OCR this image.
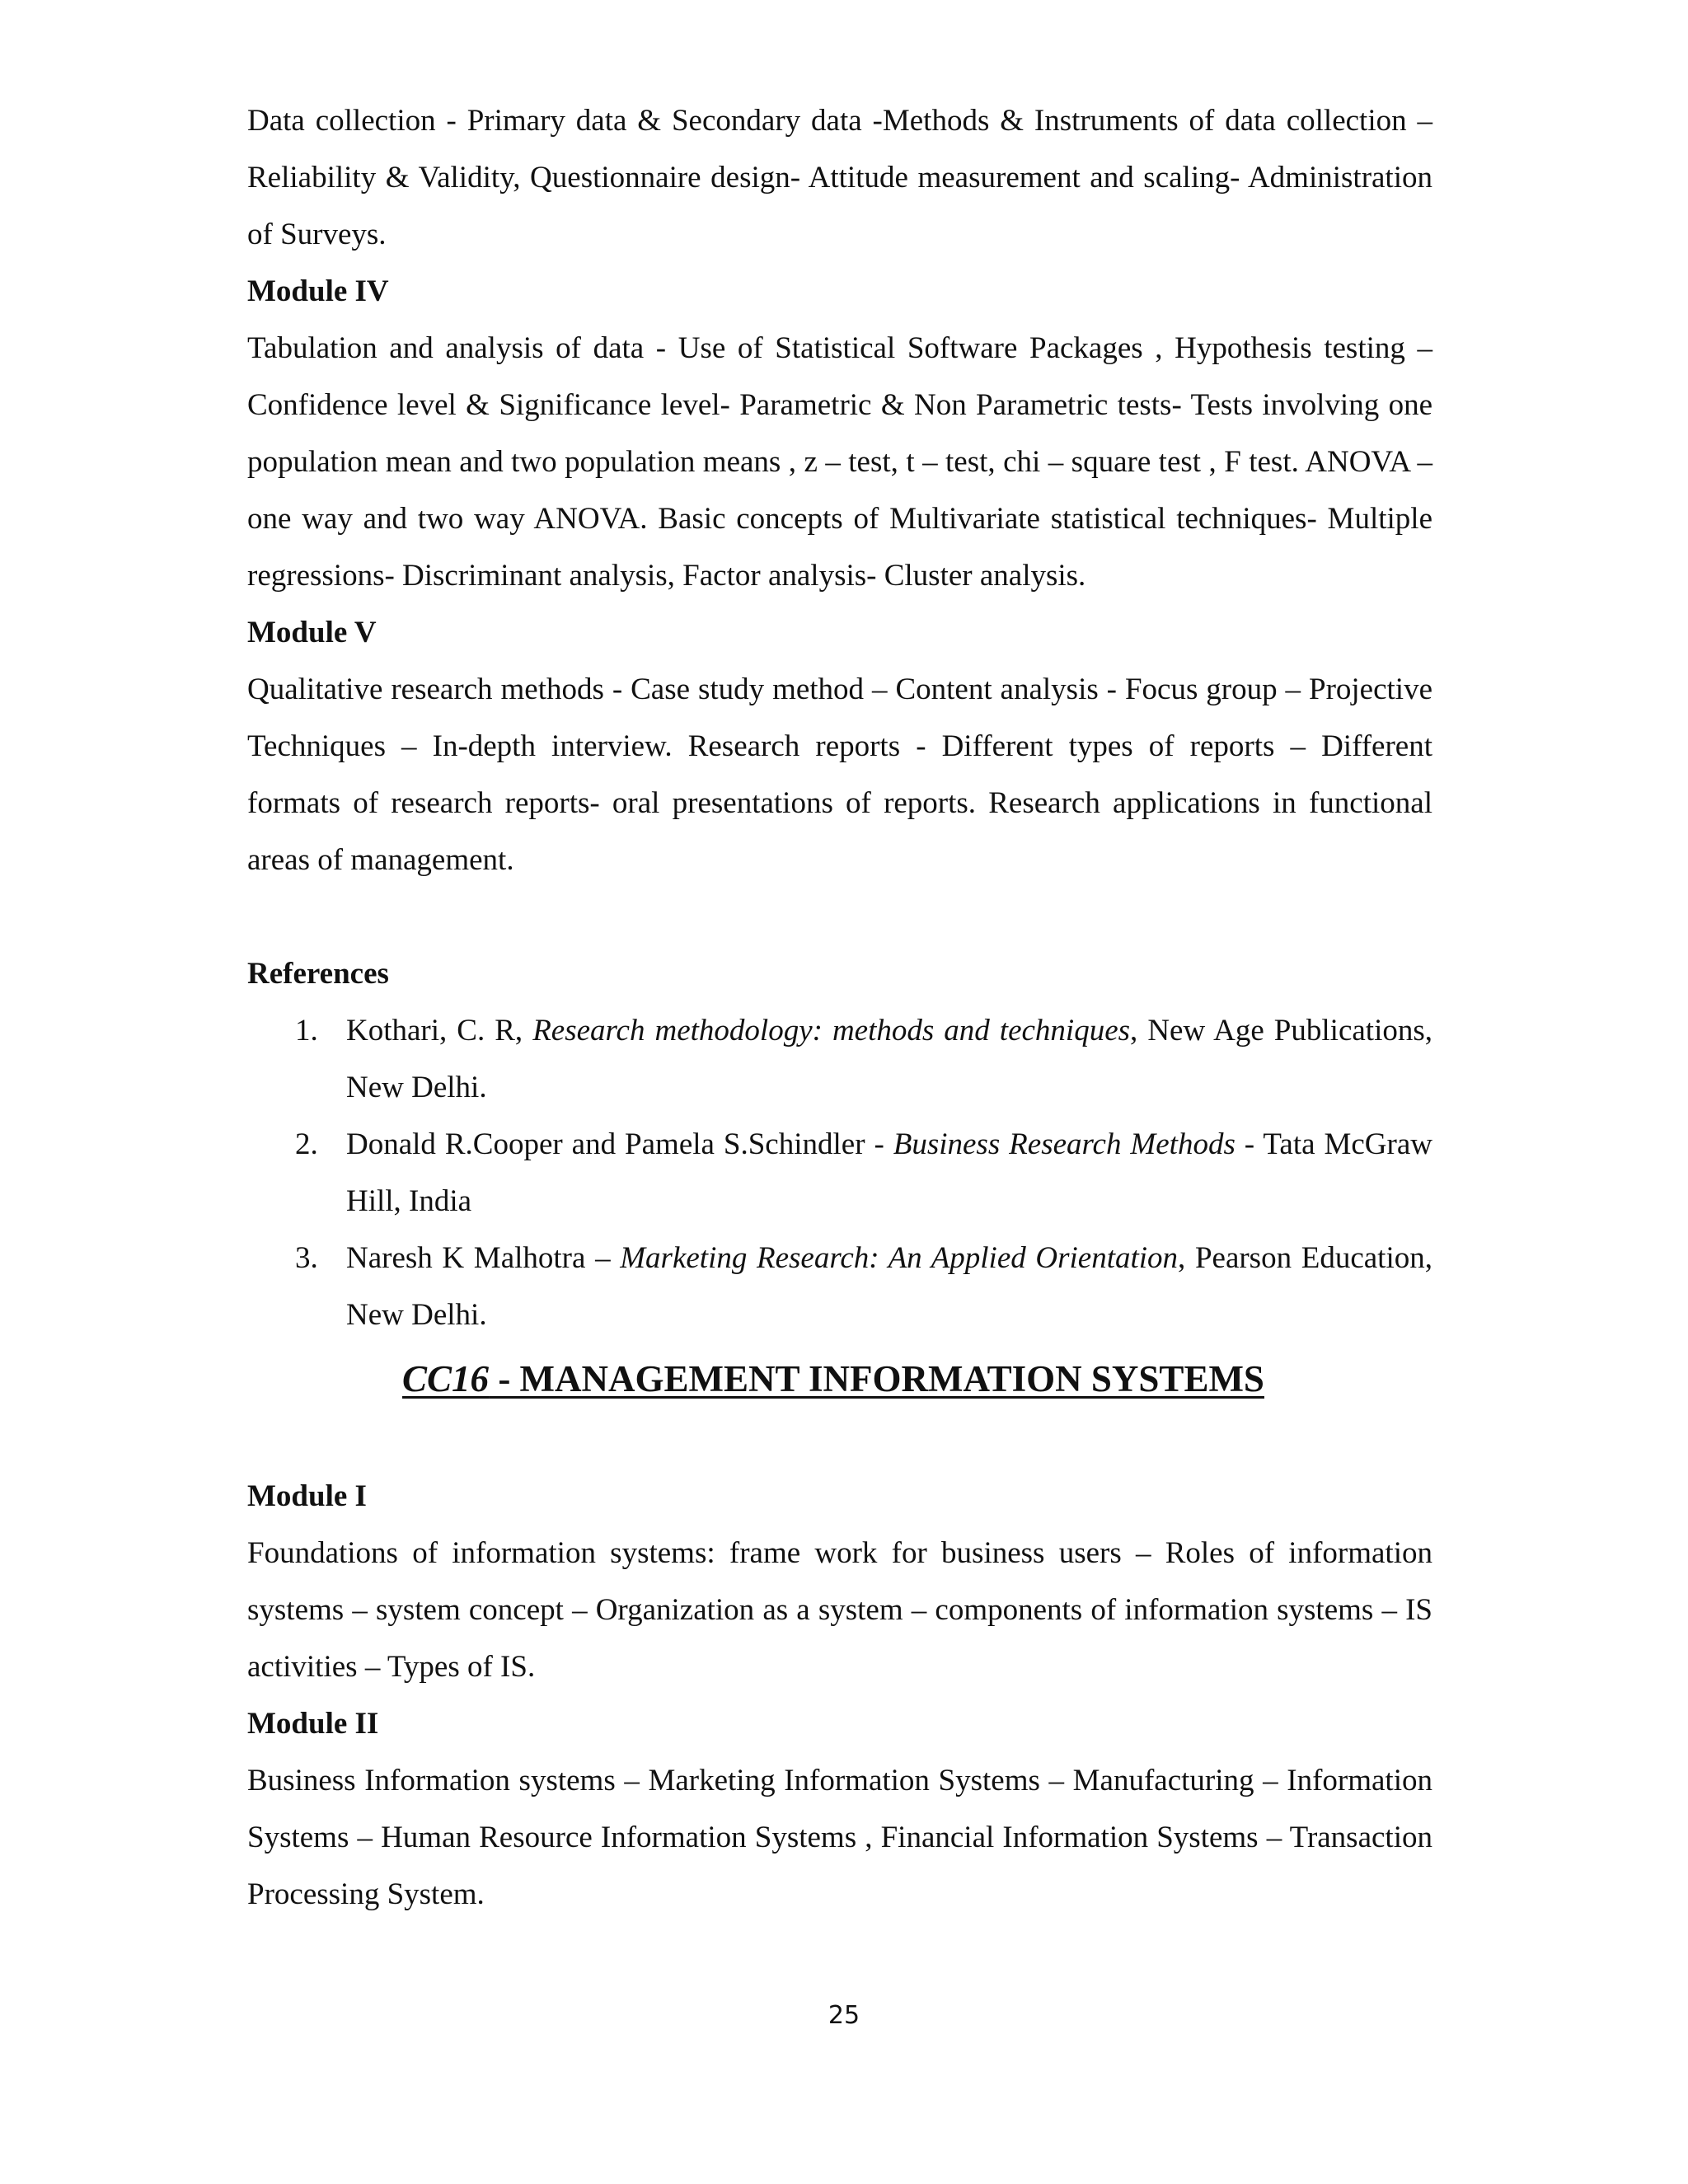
Data collection - Primary data & Secondary data -Methods & Instruments of data collection – Reliability & Validity, Questionnaire design- Attitude measurement and scaling- Administration of Surveys.

Module IV

Tabulation and analysis of data - Use of Statistical Software Packages , Hypothesis testing – Confidence level & Significance level- Parametric & Non Parametric tests- Tests involving one population mean and two population means , z – test, t – test, chi – square test , F test. ANOVA – one way and two way ANOVA. Basic concepts of Multivariate statistical techniques- Multiple regressions- Discriminant analysis, Factor analysis- Cluster analysis.

Module V

Qualitative research methods - Case study method – Content analysis - Focus group – Projective Techniques – In-depth interview. Research reports - Different types of reports – Different formats of research reports- oral presentations of reports. Research applications in functional areas of management.

References

1. Kothari, C. R, Research methodology: methods and techniques, New Age Publications, New Delhi.
2. Donald R.Cooper and Pamela S.Schindler - Business Research Methods - Tata McGraw Hill, India
3. Naresh K Malhotra – Marketing Research: An Applied Orientation, Pearson Education, New Delhi.

CC16 - MANAGEMENT INFORMATION SYSTEMS

Module I

Foundations of information systems: frame work for business users – Roles of information systems – system concept – Organization as a system – components of information systems – IS activities – Types of IS.

Module II

Business Information systems – Marketing Information Systems – Manufacturing – Information Systems – Human Resource Information Systems , Financial Information Systems – Transaction Processing System.

25
